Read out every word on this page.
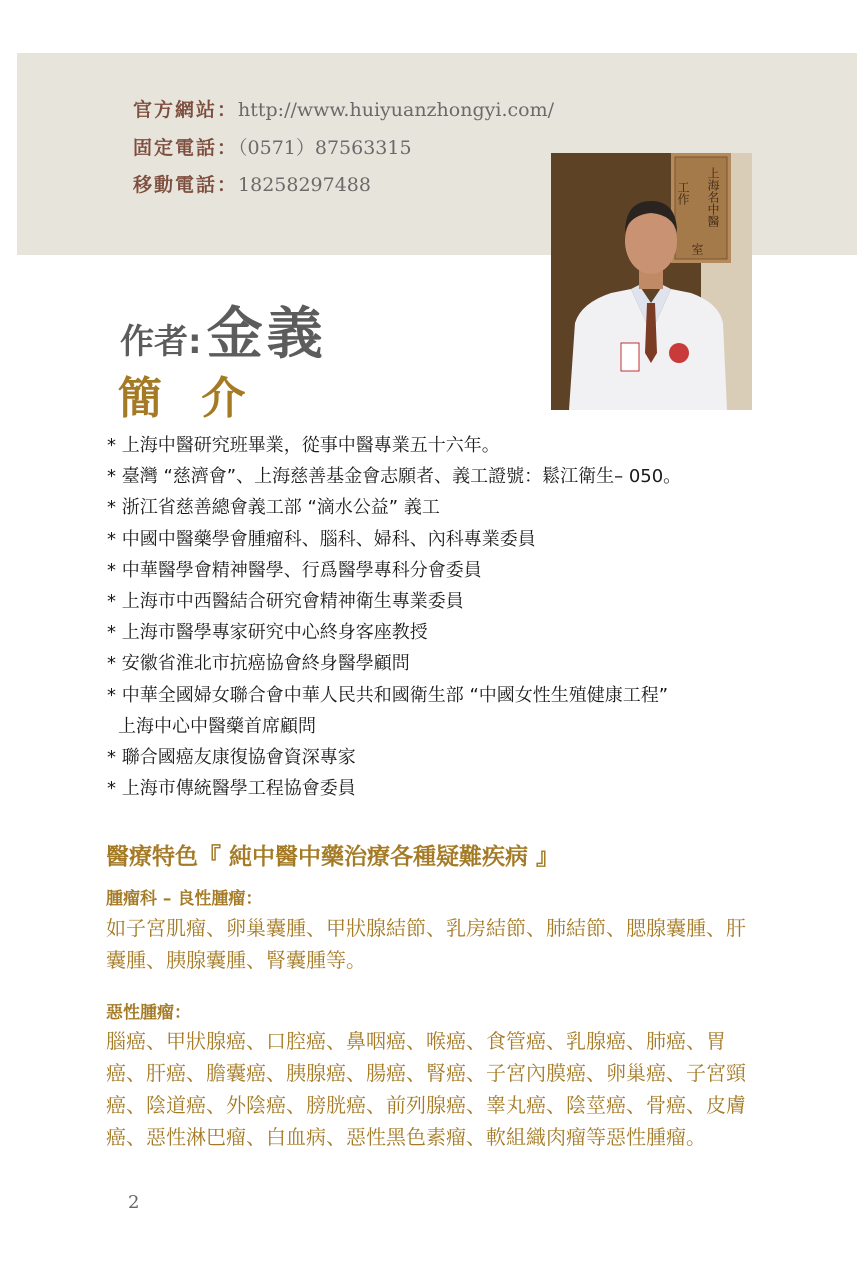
官方網站：http://www.huiyuanzhongyi.com/
固定電話：（0571）87563315
移動電話：18258297488	工作 上海名中醫
室
作者: 金義
簡 介
* 上海中醫研究班畢業，從事中醫專業五十六年。
* 臺灣 “慈濟會”、上海慈善基金會志願者、義工證號：鬆江衛生– 050。
* 浙江省慈善總會義工部 “滴水公益” 義工
* 中國中醫藥學會腫瘤科、腦科、婦科、內科專業委員
* 中華醫學會精神醫學、行爲醫學專科分會委員
* 上海市中西醫結合研究會精神衛生專業委員
* 上海市醫學專家研究中心終身客座教授
* 安徽省淮北市抗癌協會終身醫學顧問
* 中華全國婦女聯合會中華人民共和國衛生部 “中國女性生殖健康工程”
上海中心中醫藥首席顧問
* 聯合國癌友康復協會資深專家
* 上海市傳統醫學工程協會委員
醫療特色『 純中醫中藥治療各種疑難疾病 』
腫瘤科 – 良性腫瘤：
如子宮肌瘤、卵巢囊腫、甲狀腺結節、乳房結節、肺結節、腮腺囊腫、肝囊腫、胰腺囊腫、腎囊腫等。
惡性腫瘤：
腦癌、甲狀腺癌、口腔癌、鼻咽癌、喉癌、食管癌、乳腺癌、肺癌、胃癌、肝癌、膽囊癌、胰腺癌、腸癌、腎癌、子宮內膜癌、卵巢癌、子宮頸癌、陰道癌、外陰癌、膀胱癌、前列腺癌、睾丸癌、陰莖癌、骨癌、皮膚癌、惡性淋巴瘤、白血病、惡性黑色素瘤、軟組織肉瘤等惡性腫瘤。
2
